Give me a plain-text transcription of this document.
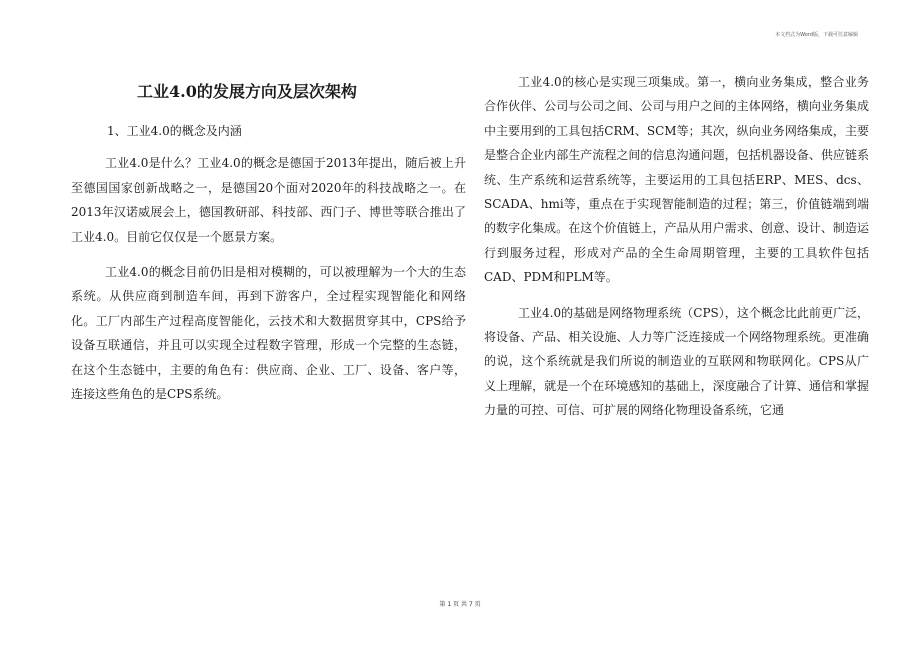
本文档式为Word版，下载可任意编辑
工业4.0的发展方向及层次架构

1、工业4.0的概念及内涵

工业4.0是什么？工业4.0的概念是德国于2013年提出，随后被上升至德国国家创新战略之一，是德国20个面对2020年的科技战略之一。在2013年汉诺威展会上，德国教研部、科技部、西门子、博世等联合推出了工业4.0。目前它仅仅是一个愿景方案。

工业4.0的概念目前仍旧是相对模糊的，可以被理解为一个大的生态系统。从供应商到制造车间，再到下游客户，全过程实现智能化和网络化。工厂内部生产过程高度智能化，云技术和大数据贯穿其中，CPS给予设备互联通信，并且可以实现全过程数字管理，形成一个完整的生态链，在这个生态链中，主要的角色有：供应商、企业、工厂、设备、客户等，连接这些角色的是CPS系统。

工业4.0的核心是实现三项集成。第一，横向业务集成，整合业务合作伙伴、公司与公司之间、公司与用户之间的主体网络，横向业务集成中主要用到的工具包括CRM、SCM等；其次，纵向业务网络集成，主要是整合企业内部生产流程之间的信息沟通问题，包括机器设备、供应链系统、生产系统和运营系统等，主要运用的工具包括ERP、MES、dcs、SCADA、hmi等，重点在于实现智能制造的过程；第三，价值链端到端的数字化集成。在这个价值链上，产品从用户需求、创意、设计、制造运行到服务过程，形成对产品的全生命周期管理，主要的工具软件包括CAD、PDM和PLM等。

工业4.0的基础是网络物理系统（CPS），这个概念比此前更广泛，将设备、产品、相关设施、人力等广泛连接成一个网络物理系统。更准确的说，这个系统就是我们所说的制造业的互联网和物联网化。CPS从广义上理解，就是一个在环境感知的基础上，深度融合了计算、通信和掌握力量的可控、可信、可扩展的网络化物理设备系统，它通

第 1 页 共 7 页
